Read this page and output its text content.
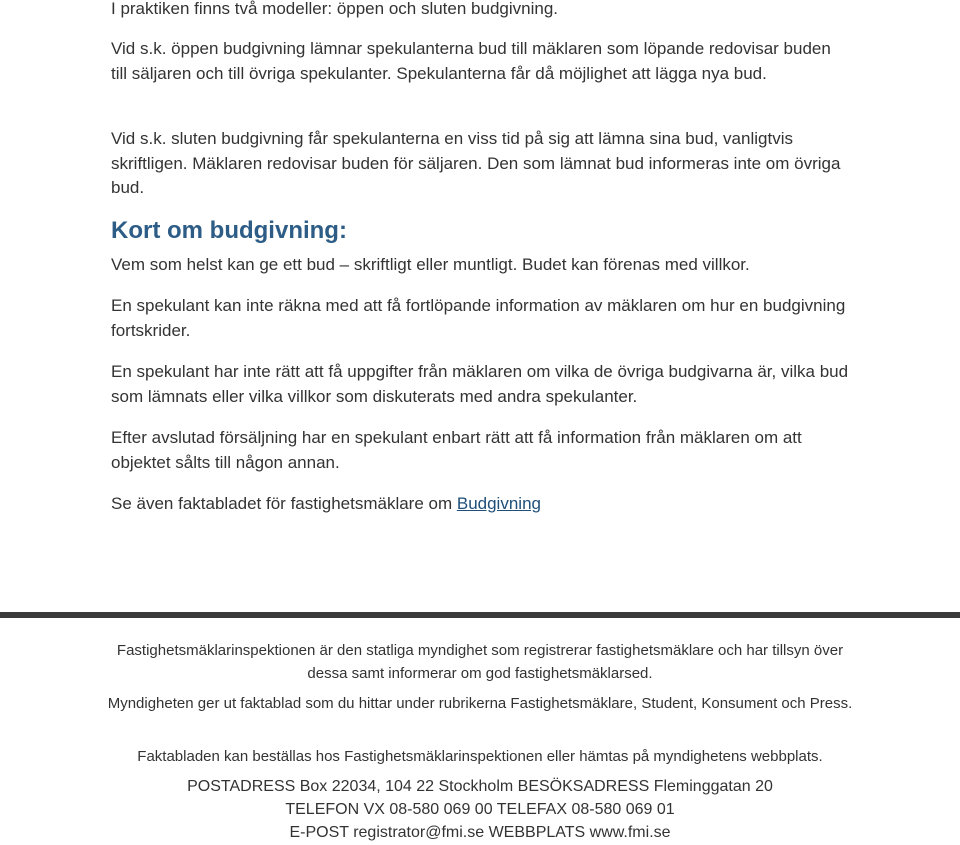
I praktiken finns två modeller: öppen och sluten budgivning.

Vid s.k. öppen budgivning lämnar spekulanterna bud till mäklaren som löpande redovisar buden till säljaren och till övriga spekulanter. Spekulanterna får då möjlighet att lägga nya bud.

Vid s.k. sluten budgivning får spekulanterna en viss tid på sig att lämna sina bud, vanligtvis skriftligen. Mäklaren redovisar buden för säljaren. Den som lämnat bud informeras inte om övriga bud.

Kort om budgivning:

Vem som helst kan ge ett bud – skriftligt eller muntligt. Budet kan förenas med villkor.

En spekulant kan inte räkna med att få fortlöpande information av mäklaren om hur en budgivning fortskrider.

En spekulant har inte rätt att få uppgifter från mäklaren om vilka de övriga budgivarna är, vilka bud som lämnats eller vilka villkor som diskuterats med andra spekulanter.

Efter avslutad försäljning har en spekulant enbart rätt att få information från mäklaren om att objektet sålts till någon annan.

Se även faktabladet för fastighetsmäklare om Budgivning

Fastighetsmäklarinspektionen är den statliga myndighet som registrerar fastighetsmäklare och har tillsyn över dessa samt informerar om god fastighetsmäklarsed.

Myndigheten ger ut faktablad som du hittar under rubrikerna Fastighetsmäklare, Student, Konsument och Press.

Faktabladen kan beställas hos Fastighetsmäklarinspektionen eller hämtas på myndighetens webbplats.

POSTADRESS Box 22034, 104 22 Stockholm BESÖKSADRESS Fleminggatan 20

TELEFON VX 08-580 069 00 TELEFAX 08-580 069 01

E-POST registrator@fmi.se WEBBPLATS www.fmi.se
